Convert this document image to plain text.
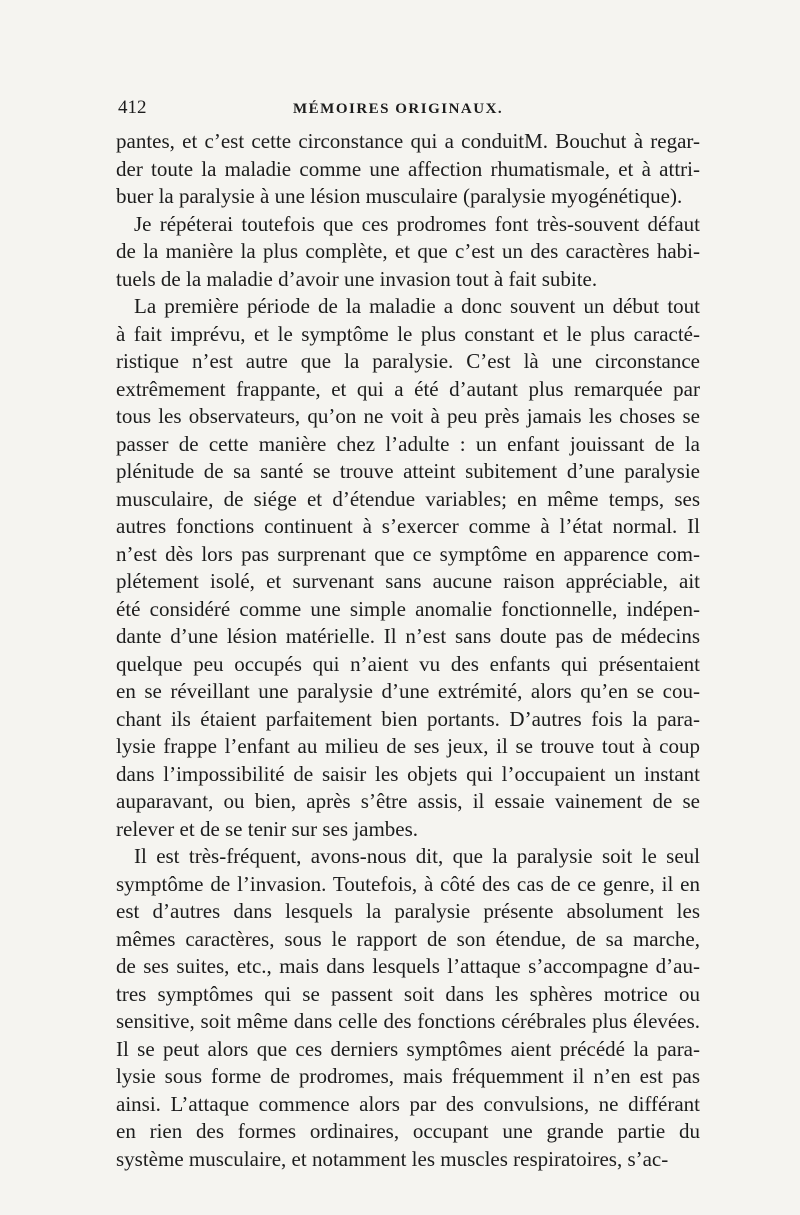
412	MÉMOIRES ORIGINAUX.

pantes, et c’est cette circonstance qui a conduitM. Bouchut à regar-
der toute la maladie comme une affection rhumatismale, et à attri-
buer la paralysie à une lésion musculaire (paralysie myogénétique).

Je répéterai toutefois que ces prodromes font très-souvent défaut
de la manière la plus complète, et que c’est un des caractères habi-
tuels de la maladie d’avoir une invasion tout à fait subite.

La première période de la maladie a donc souvent un début tout
à fait imprévu, et le symptôme le plus constant et le plus caracté-
ristique n’est autre que la paralysie. C’est là une circonstance
extrêmement frappante, et qui a été d’autant plus remarquée par
tous les observateurs, qu’on ne voit à peu près jamais les choses se
passer de cette manière chez l’adulte : un enfant jouissant de la
plénitude de sa santé se trouve atteint subitement d’une paralysie
musculaire, de siége et d’étendue variables; en même temps, ses
autres fonctions continuent à s’exercer comme à l’état normal. Il
n’est dès lors pas surprenant que ce symptôme en apparence com-
plétement isolé, et survenant sans aucune raison appréciable, ait
été considéré comme une simple anomalie fonctionnelle, indépen-
dante d’une lésion matérielle. Il n’est sans doute pas de médecins
quelque peu occupés qui n’aient vu des enfants qui présentaient
en se réveillant une paralysie d’une extrémité, alors qu’en se cou-
chant ils étaient parfaitement bien portants. D’autres fois la para-
lysie frappe l’enfant au milieu de ses jeux, il se trouve tout à coup
dans l’impossibilité de saisir les objets qui l’occupaient un instant
auparavant, ou bien, après s’être assis, il essaie vainement de se
relever et de se tenir sur ses jambes.

Il est très-fréquent, avons-nous dit, que la paralysie soit le seul
symptôme de l’invasion. Toutefois, à côté des cas de ce genre, il en
est d’autres dans lesquels la paralysie présente absolument les
mêmes caractères, sous le rapport de son étendue, de sa marche,
de ses suites, etc., mais dans lesquels l’attaque s’accompagne d’au-
tres symptômes qui se passent soit dans les sphères motrice ou
sensitive, soit même dans celle des fonctions cérébrales plus élevées.
Il se peut alors que ces derniers symptômes aient précédé la para-
lysie sous forme de prodromes, mais fréquemment il n’en est pas
ainsi. L’attaque commence alors par des convulsions, ne différant
en rien des formes ordinaires, occupant une grande partie du
système musculaire, et notamment les muscles respiratoires, s’ac-
